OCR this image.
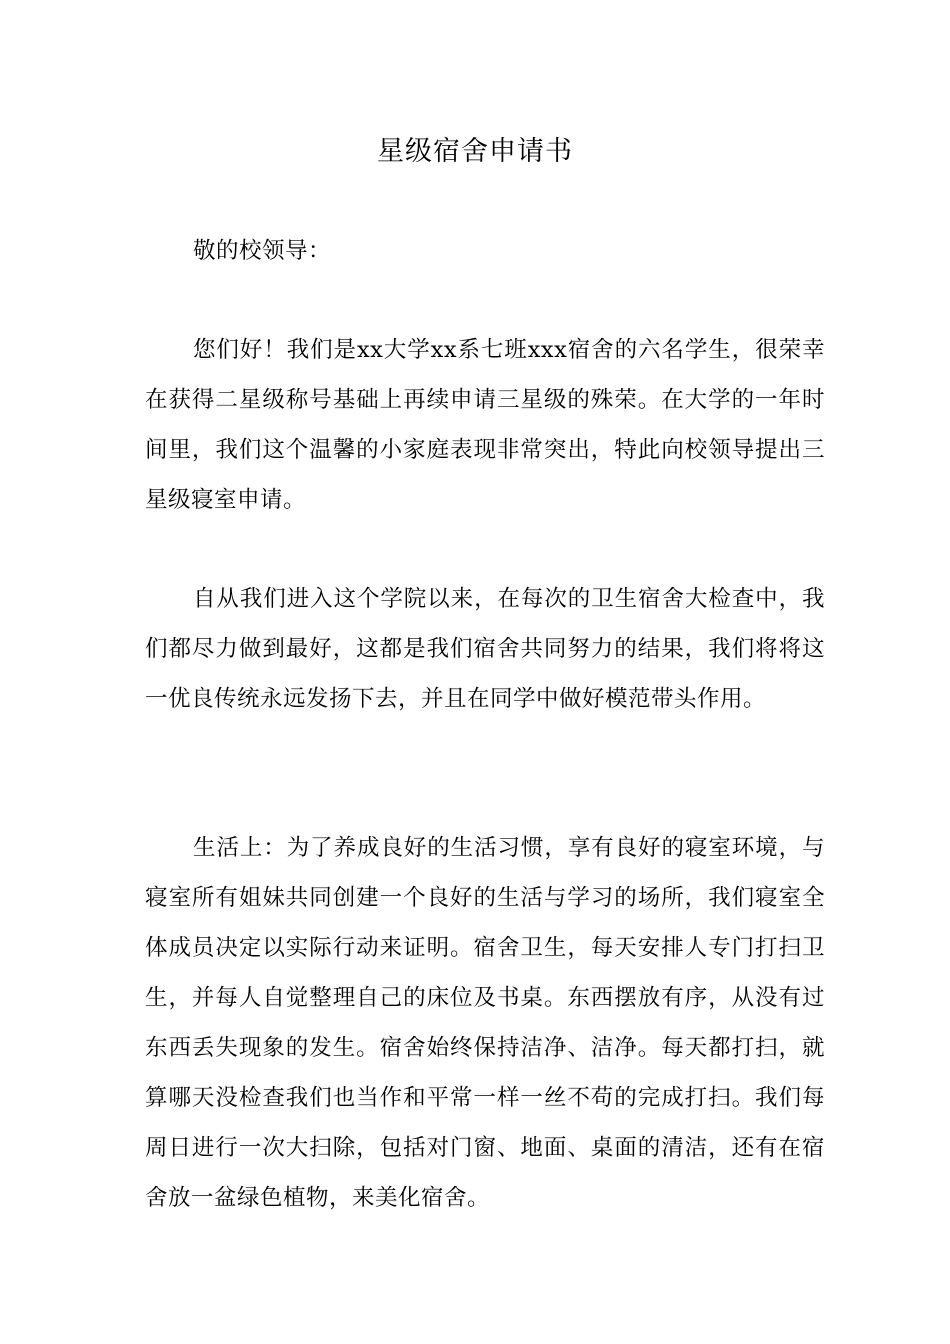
星级宿舍申请书

敬的校领导：

您们好！我们是xx大学xx系七班xxx宿舍的六名学生，很荣幸在获得二星级称号基础上再续申请三星级的殊荣。在大学的一年时间里，我们这个温馨的小家庭表现非常突出，特此向校领导提出三星级寝室申请。

自从我们进入这个学院以来，在每次的卫生宿舍大检查中，我们都尽力做到最好，这都是我们宿舍共同努力的结果，我们将将这一优良传统永远发扬下去，并且在同学中做好模范带头作用。

生活上：为了养成良好的生活习惯，享有良好的寝室环境，与寝室所有姐妹共同创建一个良好的生活与学习的场所，我们寝室全体成员决定以实际行动来证明。宿舍卫生，每天安排人专门打扫卫生，并每人自觉整理自己的床位及书桌。东西摆放有序，从没有过东西丢失现象的发生。宿舍始终保持洁净、洁净。每天都打扫，就算哪天没检查我们也当作和平常一样一丝不苟的完成打扫。我们每周日进行一次大扫除，包括对门窗、地面、桌面的清洁，还有在宿舍放一盆绿色植物，来美化宿舍。
